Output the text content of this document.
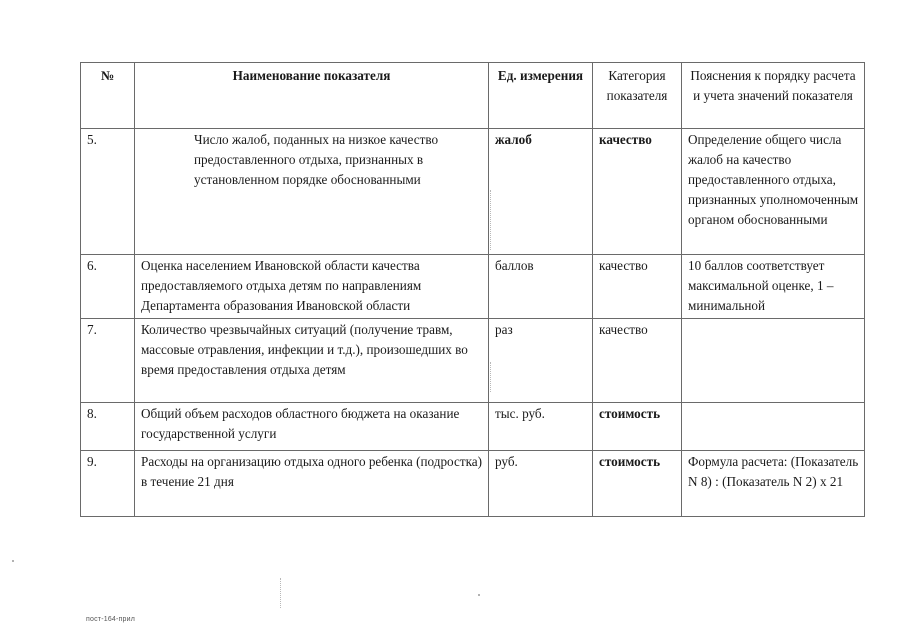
№	Наименование показателя	Ед. измерения	Категория показателя	Пояснения к порядку расчета и учета значений показателя
5.	Число жалоб, поданных на низкое качество предоставленного отдыха, признанных в установленном порядке обоснованными	жалоб	качество	Определение общего числа жалоб на качество предоставленного отдыха, признанных уполномоченным органом обоснованными
6.	Оценка населением Ивановской области качества предоставляемого отдыха детям по направлениям Департамента образования Ивановской области	баллов	качество	10 баллов соответствует максимальной оценке, 1 – минимальной
7.	Количество чрезвычайных ситуаций (получение травм, массовые отравления, инфекции и т.д.), произошедших во время предоставления отдыха детям	раз	качество	
8.	Общий объем расходов областного бюджета на оказание государственной услуги	тыс. руб.	стоимость	
9.	Расходы на организацию отдыха одного ребенка (подростка) в течение 21 дня	руб.	стоимость	Формула расчета: (Показатель N 8) : (Показатель N 2) x 21
пост-164-прил
